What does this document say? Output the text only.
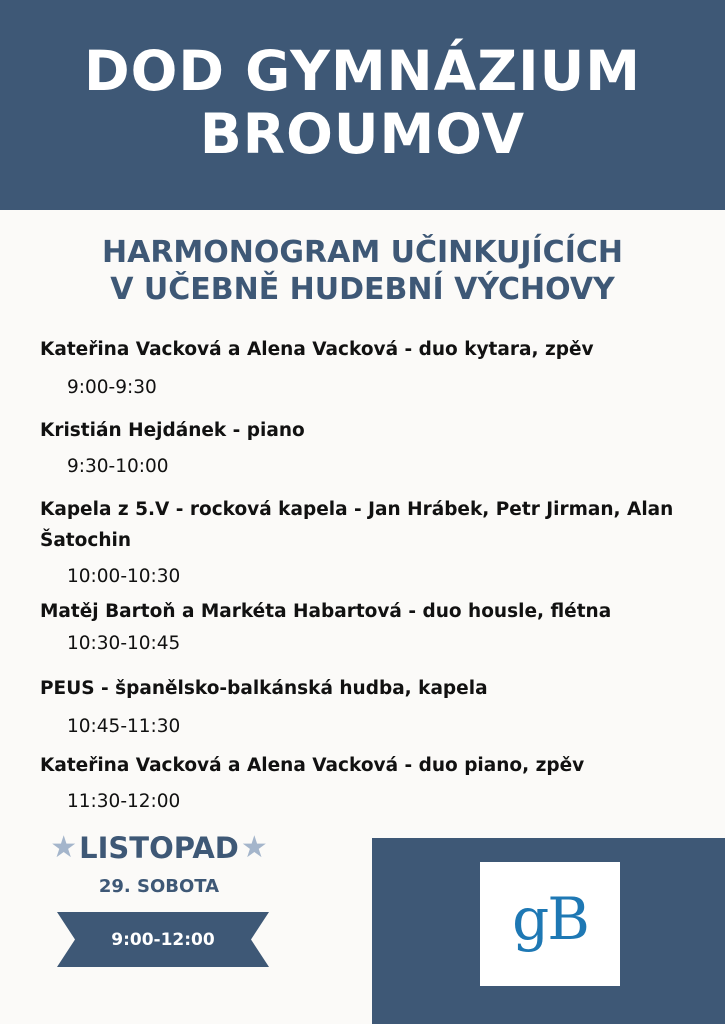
DOD GYMNÁZIUM
BROUMOV
HARMONOGRAM UČINKUJÍCÍCH
V UČEBNĚ HUDEBNÍ VÝCHOVY
Kateřina Vacková a Alena Vacková - duo kytara, zpěv
9:00-9:30
Kristián Hejdánek - piano
9:30-10:00
Kapela z 5.V - rocková kapela - Jan Hrábek, Petr Jirman, Alan Šatochin
10:00-10:30
Matěj Bartoň a Markéta Habartová - duo housle, flétna
10:30-10:45
PEUS - španělsko-balkánská hudba, kapela
10:45-11:30
Kateřina Vacková a Alena Vacková - duo piano, zpěv
11:30-12:00
★ LISTOPAD ★
29. SOBOTA
9:00-12:00	gB
